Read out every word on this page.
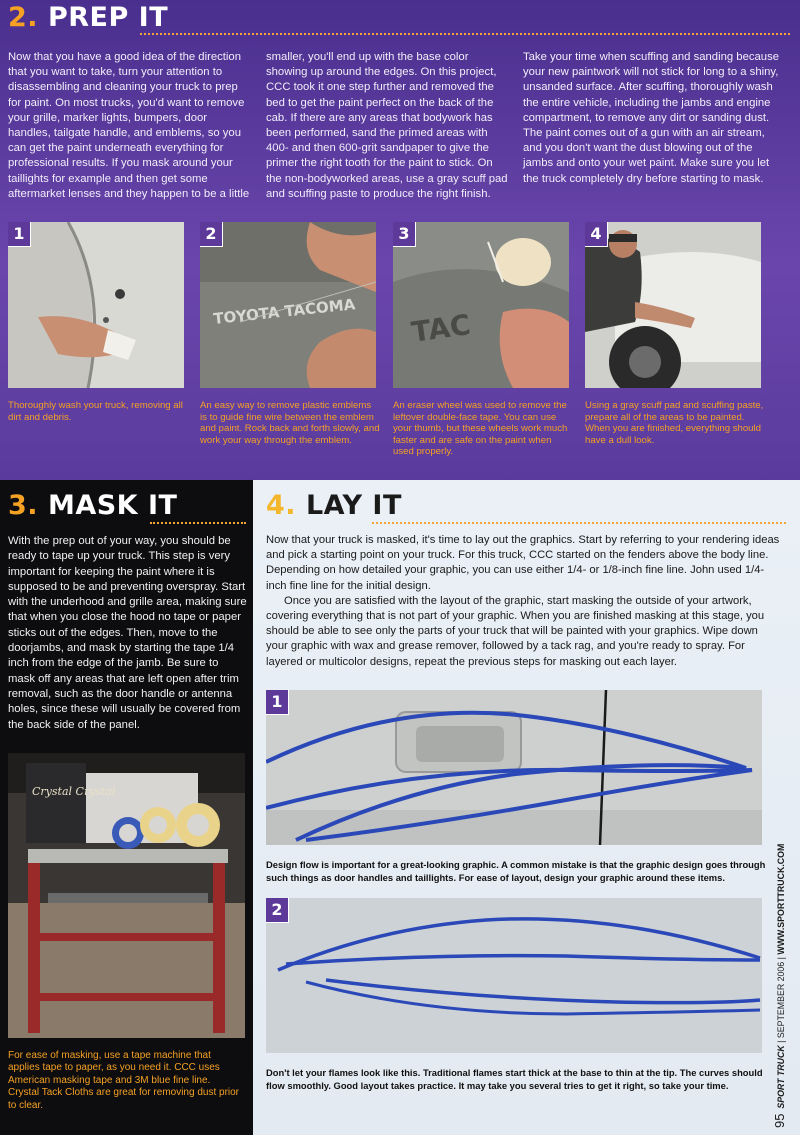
2. PREP IT
Now that you have a good idea of the direction that you want to take, turn your attention to disassembling and cleaning your truck to prep for paint. On most trucks, you'd want to remove your grille, marker lights, bumpers, door handles, tailgate handle, and emblems, so you can get the paint underneath everything for professional results. If you mask around your taillights for example and then get some aftermarket lenses and they happen to be a little
smaller, you'll end up with the base color showing up around the edges. On this project, CCC took it one step further and removed the bed to get the paint perfect on the back of the cab. If there are any areas that bodywork has been performed, sand the primed areas with 400- and then 600-grit sandpaper to give the primer the right tooth for the paint to stick. On the non-bodyworked areas, use a gray scuff pad and scuffing paste to produce the right finish.
Take your time when scuffing and sanding because your new paintwork will not stick for long to a shiny, unsanded surface. After scuffing, thoroughly wash the entire vehicle, including the jambs and engine compartment, to remove any dirt or sanding dust. The paint comes out of a gun with an air stream, and you don't want the dust blowing out of the jambs and onto your wet paint. Make sure you let the truck completely dry before starting to mask.
1
Thoroughly wash your truck, removing all dirt and debris.
TOYOTA TACOMA
2
An easy way to remove plastic emblems is to guide fine wire between the emblem and paint. Rock back and forth slowly, and work your way through the emblem.
TAC
3
An eraser wheel was used to remove the leftover double-face tape. You can use your thumb, but these wheels work much faster and are safe on the paint when used properly.
4
Using a gray scuff pad and scuffing paste, prepare all of the areas to be painted. When you are finished, everything should have a dull look.
3. MASK IT
With the prep out of your way, you should be ready to tape up your truck. This step is very important for keeping the paint where it is supposed to be and preventing overspray. Start with the underhood and grille area, making sure that when you close the hood no tape or paper sticks out of the edges. Then, move to the doorjambs, and mask by starting the tape 1/4 inch from the edge of the jamb. Be sure to mask off any areas that are left open after trim removal, such as the door handle or antenna holes, since these will usually be covered from the back side of the panel.
Crystal Crystal
For ease of masking, use a tape machine that applies tape to paper, as you need it. CCC uses American masking tape and 3M blue fine line. Crystal Tack Cloths are great for removing dust prior to clear.
4. LAY IT

Now that your truck is masked, it's time to lay out the graphics. Start by referring to your rendering ideas and pick a starting point on your truck. For this truck, CCC started on the fenders above the body line. Depending on how detailed your graphic, you can use either 1/4- or 1/8-inch fine line. John used 1/4-inch fine line for the initial design.

Once you are satisfied with the layout of the graphic, start masking the outside of your artwork, covering everything that is not part of your graphic. When you are finished masking at this stage, you should be able to see only the parts of your truck that will be painted with your graphics. Wipe down your graphic with wax and grease remover, followed by a tack rag, and you're ready to spray. For layered or multicolor designs, repeat the previous steps for masking out each layer.

1
Design flow is important for a great-looking graphic. A common mistake is that the graphic design goes through such things as door handles and taillights. For ease of layout, design your graphic around these items.
2
Don't let your flames look like this. Traditional flames start thick at the base to thin at the tip. The curves should flow smoothly. Good layout takes practice. It may take you several tries to get it right, so take your time.
95  SPORT TRUCK | SEPTEMBER 2006 | WWW.SPORTTRUCK.COM
